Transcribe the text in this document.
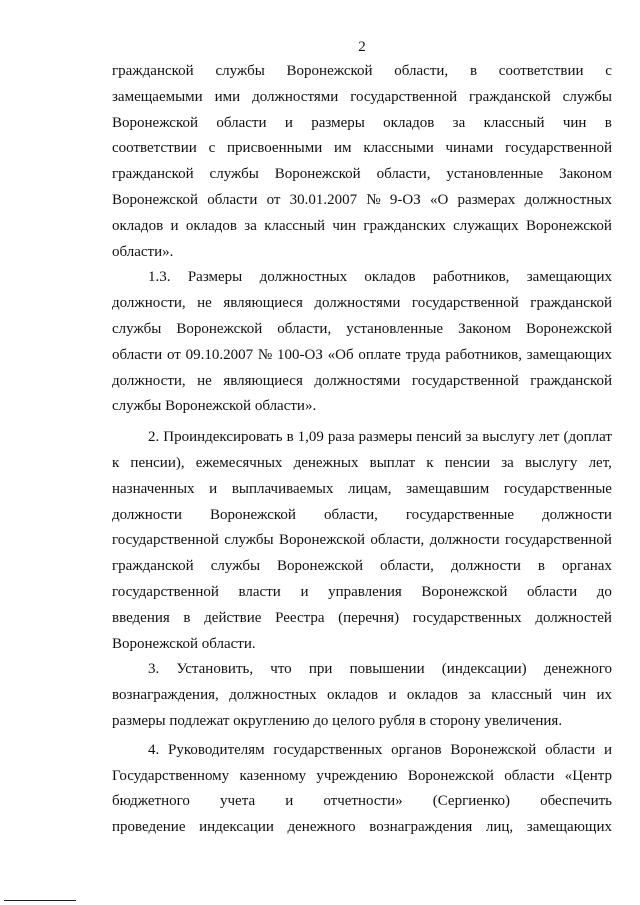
2
гражданской службы Воронежской области, в соответствии с
замещаемыми ими должностями государственной гражданской службы
Воронежской области и размеры окладов за классный чин в
соответствии с присвоенными им классными чинами государственной
гражданской службы Воронежской области, установленные Законом
Воронежской области от 30.01.2007 № 9-ОЗ «О размерах должностных
окладов и окладов за классный чин гражданских служащих Воронежской
области».
1.3. Размеры должностных окладов работников, замещающих
должности, не являющиеся должностями государственной гражданской
службы Воронежской области, установленные Законом Воронежской
области от 09.10.2007 № 100-ОЗ «Об оплате труда работников, замещающих
должности, не являющиеся должностями государственной гражданской
службы Воронежской области».
2. Проиндексировать в 1,09 раза размеры пенсий за выслугу лет (доплат
к пенсии), ежемесячных денежных выплат к пенсии за выслугу лет,
назначенных и выплачиваемых лицам, замещавшим государственные
должности Воронежской области, государственные должности
государственной службы Воронежской области, должности государственной
гражданской службы Воронежской области, должности в органах
государственной власти и управления Воронежской области до
введения в действие Реестра (перечня) государственных должностей
Воронежской области.
3. Установить, что при повышении (индексации) денежного
вознаграждения, должностных окладов и окладов за классный чин их
размеры подлежат округлению до целого рубля в сторону увеличения.
4. Руководителям государственных органов Воронежской области и
Государственному казенному учреждению Воронежской области «Центр
бюджетного учета и отчетности» (Сергиенко) обеспечить
проведение индексации денежного вознаграждения лиц, замещающих
